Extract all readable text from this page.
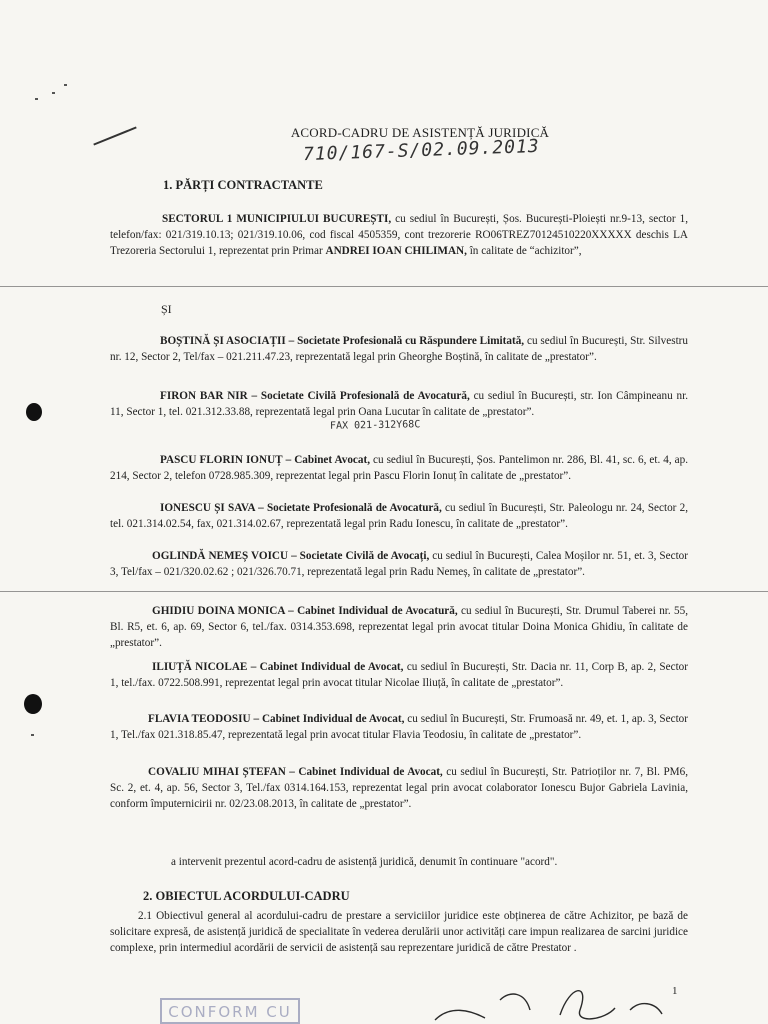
ACORD-CADRU DE ASISTENȚĂ JURIDICĂ
710/167-S/02.09.2013
1. PĂRȚI CONTRACTANTE
SECTORUL 1 MUNICIPIULUI BUCUREȘTI, cu sediul în București, Șos. București-Ploiești nr.9-13, sector 1, telefon/fax: 021/319.10.13; 021/319.10.06, cod fiscal 4505359, cont trezorerie RO06TREZ70124510220XXXXX deschis LA Trezoreria Sectorului 1, reprezentat prin Primar ANDREI IOAN CHILIMAN, în calitate de “achizitor”,
ȘI
BOȘTINĂ ȘI ASOCIAȚII – Societate Profesională cu Răspundere Limitată, cu sediul în București, Str. Silvestru nr. 12, Sector 2, Tel/fax – 021.211.47.23, reprezentată legal prin Gheorghe Boștină, în calitate de „prestator”.
FIRON BAR NIR – Societate Civilă Profesională de Avocatură, cu sediul în București, str. Ion Câmpineanu nr. 11, Sector 1, tel. 021.312.33.88, reprezentată legal prin Oana Lucutar în calitate de „prestator”.
FAX 021-312Y68C
PASCU FLORIN IONUȚ – Cabinet Avocat, cu sediul în București, Șos. Pantelimon nr. 286, Bl. 41, sc. 6, et. 4, ap. 214, Sector 2, telefon 0728.985.309, reprezentat legal prin Pascu Florin Ionuț în calitate de „prestator”.
IONESCU ȘI SAVA – Societate Profesională de Avocatură, cu sediul în București, Str. Paleologu nr. 24, Sector 2, tel. 021.314.02.54, fax, 021.314.02.67, reprezentată legal prin Radu Ionescu, în calitate de „prestator”.
OGLINDĂ NEMEȘ VOICU – Societate Civilă de Avocați, cu sediul în București, Calea Moșilor nr. 51, et. 3, Sector 3, Tel/fax – 021/320.02.62 ; 021/326.70.71, reprezentată legal prin Radu Nemeș, în calitate de „prestator”.
GHIDIU DOINA MONICA – Cabinet Individual de Avocatură, cu sediul în București, Str. Drumul Taberei nr. 55, Bl. R5, et. 6, ap. 69, Sector 6, tel./fax. 0314.353.698, reprezentat legal prin avocat titular Doina Monica Ghidiu, în calitate de „prestator”.
ILIUȚĂ NICOLAE – Cabinet Individual de Avocat, cu sediul în București, Str. Dacia nr. 11, Corp B, ap. 2, Sector 1, tel./fax. 0722.508.991, reprezentat legal prin avocat titular Nicolae Iliuță, în calitate de „prestator”.
FLAVIA TEODOSIU – Cabinet Individual de Avocat, cu sediul în București, Str. Frumoasă nr. 49, et. 1, ap. 3, Sector 1, Tel./fax 021.318.85.47, reprezentată legal prin avocat titular Flavia Teodosiu, în calitate de „prestator”.
COVALIU MIHAI ȘTEFAN – Cabinet Individual de Avocat, cu sediul în București, Str. Patrioților nr. 7, Bl. PM6, Sc. 2, et. 4, ap. 56, Sector 3, Tel./fax 0314.164.153, reprezentat legal prin avocat colaborator Ionescu Bujor Gabriela Lavinia, conform împuternicirii nr. 02/23.08.2013, în calitate de „prestator”.
a intervenit prezentul acord-cadru de asistență juridică, denumit în continuare "acord".
2. OBIECTUL ACORDULUI-CADRU
2.1 Obiectivul general al acordului-cadru de prestare a serviciilor juridice este obținerea de către Achizitor, pe bază de solicitare expresă, de asistență juridică de specialitate în vederea derulării unor activități care impun realizarea de sarcini juridice complexe, prin intermediul acordării de servicii de asistență sau reprezentare juridică de către Prestator .
1
CONFORM CU
